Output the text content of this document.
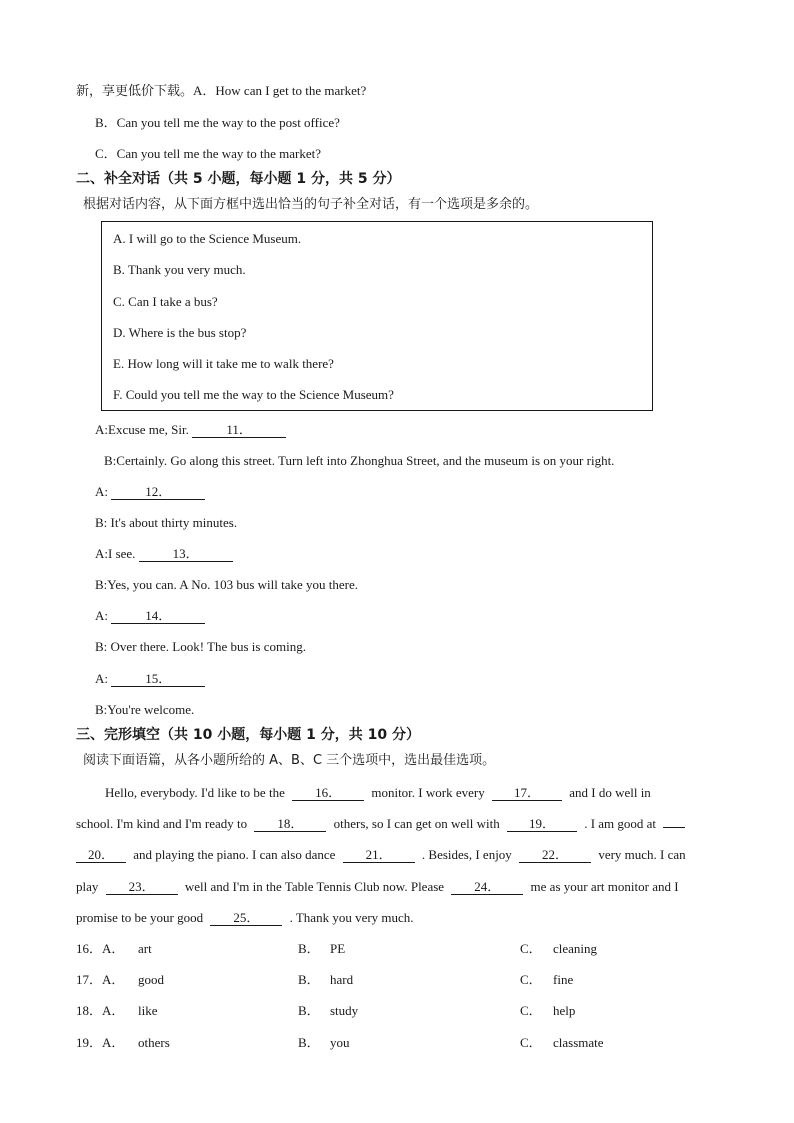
新，享更低价下载。A．How can I get to the market?
B．Can you tell me the way to the post office?
C．Can you tell me the way to the market?
二、补全对话（共 5 小题，每小题 1 分，共 5 分）
根据对话内容，从下面方框中选出恰当的句子补全对话，有一个选项是多余的。
A. I will go to the Science Museum.
B. Thank you very much.
C. Can I take a bus?
D. Where is the bus stop?
E. How long will it take me to walk there?
F. Could you tell me the way to the Science Museum?
A:Excuse me, Sir.	11．
B:Certainly. Go along this street. Turn left into Zhonghua Street, and the museum is on your right.
A:	12．
B: It's about thirty minutes.
A:I see.	13．
B:Yes, you can. A No. 103 bus will take you there.
A:	14．
B: Over there. Look! The bus is coming.
A:	15．
B:You're welcome.
三、完形填空（共 10 小题，每小题 1 分，共 10 分）
阅读下面语篇，从各小题所给的 A、B、C 三个选项中，选出最佳选项。
Hello, everybody. I'd like to be the 16． monitor. I work every 17． and I do well in
school. I'm kind and I'm ready to 18． others, so I can get on well with 19． . I am good at
20． and playing the piano. I can also dance 21． . Besides, I enjoy 22． very much. I can
play 23． well and I'm in the Table Tennis Club now. Please 24． me as your art monitor and I
promise to be your good 25． . Thank you very much.
16．A． art	B． PE	C． cleaning
17．A． good	B． hard	C． fine
18．A． like	B． study	C． help
19．A． others	B． you	C． classmate
